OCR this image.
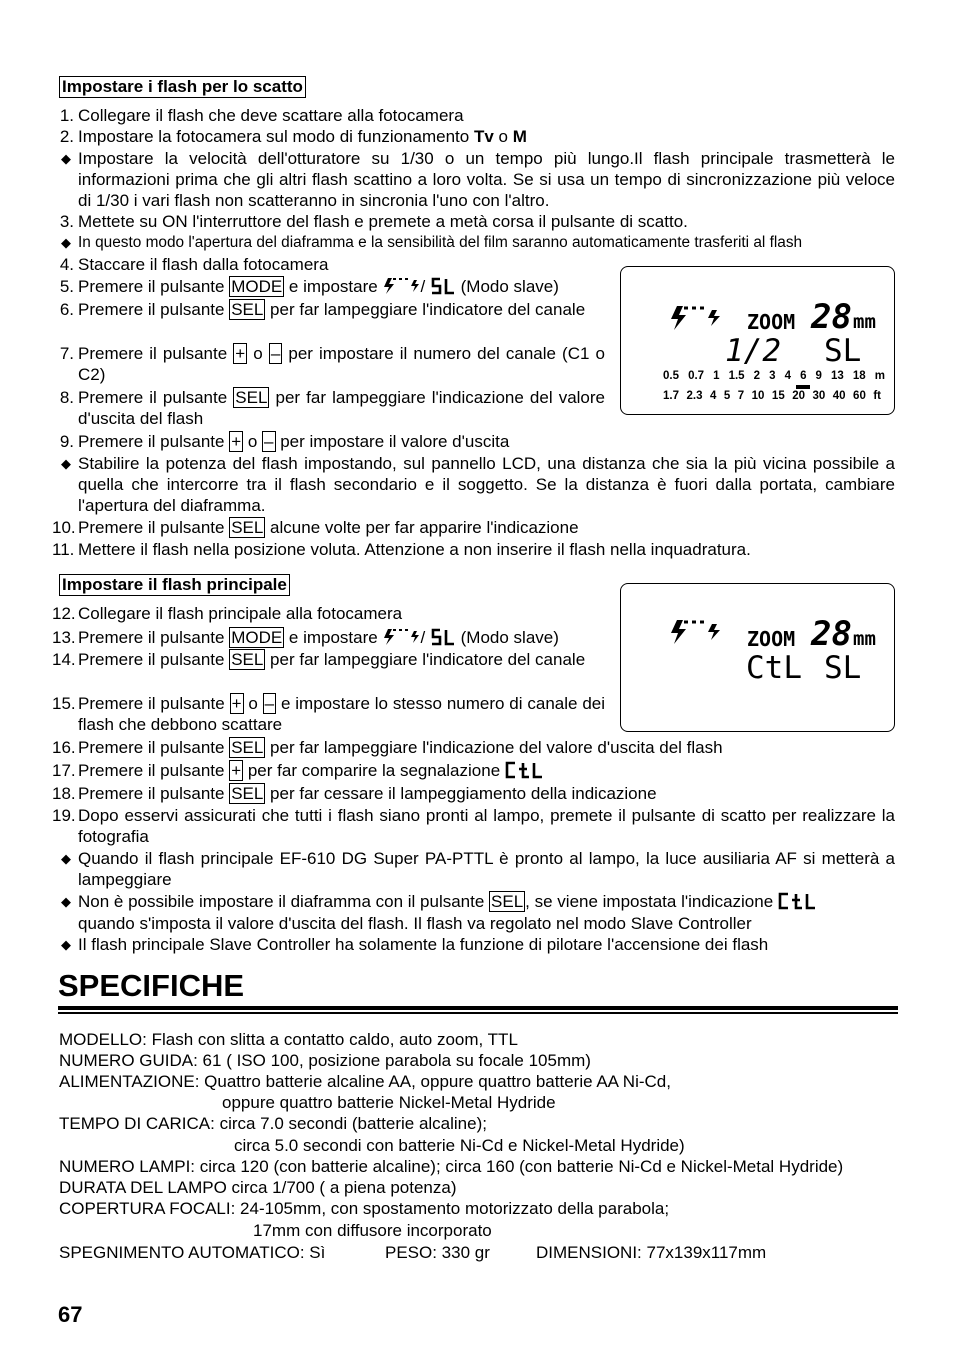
Impostare i flash per lo scatto
1. Collegare il flash che deve scattare alla fotocamera
2. Impostare la fotocamera sul modo di funzionamento Tv o M
◆ Impostare la velocità dell'otturatore su 1/30 o un tempo più lungo.Il flash principale trasmetterà le informazioni prima che gli altri flash scattino a loro volta. Se si usa un tempo di sincronizzazione più veloce di 1/30 i vari flash non scatteranno in sincronia l'uno con l'altro.
3. Mettete su ON l'interruttore del flash e premete a metà corsa il pulsante di scatto.
◆ In questo modo l'apertura del diaframma e la sensibilità del film saranno automaticamente trasferiti al flash
4. Staccare il flash dalla fotocamera
5. Premere il pulsante MODE e impostare /  (Modo slave)
6. Premere il pulsante SEL per far lampeggiare l'indicatore del canale
7. Premere il pulsante + o – per impostare il numero del canale (C1 o C2)
8. Premere il pulsante SEL per far lampeggiare l'indicazione del valore d'uscita del flash
9. Premere il pulsante + o – per impostare il valore d'uscita
◆ Stabilire la potenza del flash impostando, sul pannello LCD, una distanza che sia la più vicina possibile a quella che intercorre tra il flash secondario e il soggetto. Se la distanza è fuori dalla portata, cambiare l'apertura del diaframma.
10. Premere il pulsante SEL alcune volte per far apparire l'indicazione
11. Mettere il flash nella posizione voluta. Attenzione a non inserire il flash nella inquadratura.
ZOOM 28 mm
1/2 SL
0.5 0.7 1 1.5 2 3 4 6 9 13 18 m
1.7 2.3 4 5 7 10 15 20 30 40 60 ft
Impostare il flash principale
12. Collegare il flash principale alla fotocamera
13. Premere il pulsante MODE e impostare /  (Modo slave)
14. Premere il pulsante SEL per far lampeggiare l'indicatore del canale
15. Premere il pulsante + o – e impostare lo stesso numero di canale dei flash che debbono scattare
16. Premere il pulsante SEL per far lampeggiare l'indicazione del valore d'uscita del flash
17. Premere il pulsante + per far comparire la segnalazione
18. Premere il pulsante SEL per far cessare il lampeggiamento della indicazione
19. Dopo esservi assicurati che tutti i flash siano pronti al lampo, premete il pulsante di scatto per realizzare la fotografia
◆ Quando il flash principale EF-610 DG Super PA-PTTL è pronto al lampo, la luce ausiliaria AF si metterà a lampeggiare
◆ Non è possibile impostare il diaframma con il pulsante SEL , se viene impostata l'indicazione
quando s'imposta il valore d'uscita del flash. Il flash va regolato nel modo Slave Controller
◆ Il flash principale Slave Controller ha solamente la funzione di pilotare l'accensione dei flash
ZOOM 28 mm
CtL SL
SPECIFICHE
MODELLO: Flash con slitta a contatto caldo, auto zoom, TTL
NUMERO GUIDA: 61 ( ISO 100, posizione parabola su focale 105mm)
ALIMENTAZIONE: Quattro batterie alcaline AA, oppure quattro batterie AA Ni-Cd,
oppure quattro batterie Nickel-Metal Hydride
TEMPO DI CARICA: circa 7.0 secondi (batterie alcaline);
circa 5.0 secondi con batterie Ni-Cd e Nickel-Metal Hydride)
NUMERO LAMPI: circa 120 (con batterie alcaline); circa 160 (con batterie Ni-Cd e Nickel-Metal Hydride)
DURATA DEL LAMPO circa 1/700 ( a piena potenza)
COPERTURA FOCALI: 24-105mm, con spostamento motorizzato della parabola;
17mm con diffusore incorporato
SPEGNIMENTO AUTOMATICO: Sì	PESO: 330 gr	DIMENSIONI: 77x139x117mm
67
